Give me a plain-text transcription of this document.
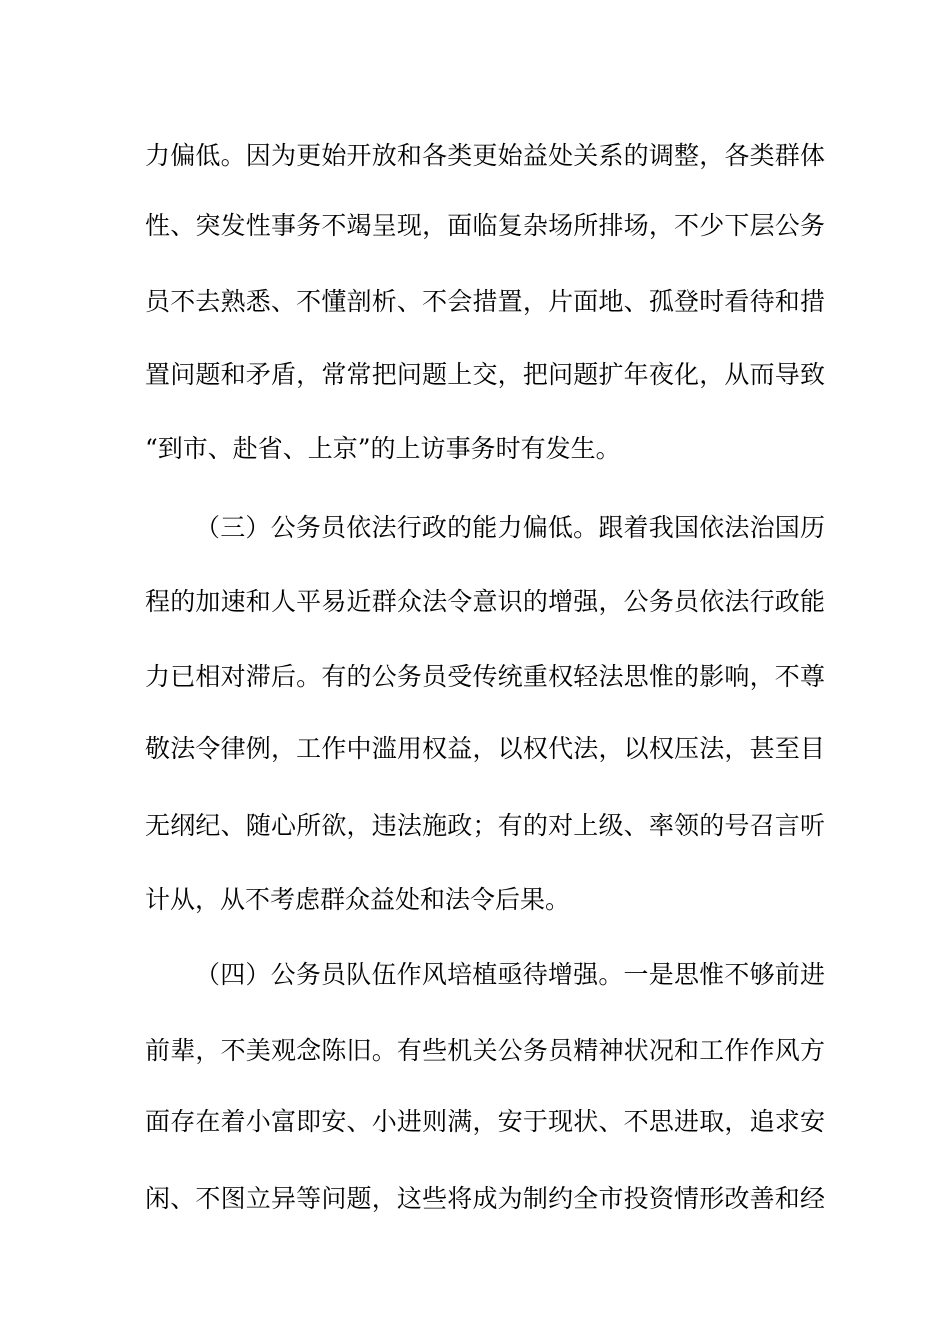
力偏低。因为更始开放和各类更始益处关系的调整，各类群体

性、突发性事务不竭呈现，面临复杂场所排场，不少下层公务

员不去熟悉、不懂剖析、不会措置，片面地、孤登时看待和措

置问题和矛盾，常常把问题上交，把问题扩年夜化，从而导致

“到市、赴省、上京”的上访事务时有发生。

（三）公务员依法行政的能力偏低。跟着我国依法治国历

程的加速和人平易近群众法令意识的增强，公务员依法行政能

力已相对滞后。有的公务员受传统重权轻法思惟的影响，不尊

敬法令律例，工作中滥用权益，以权代法，以权压法，甚至目

无纲纪、随心所欲，违法施政；有的对上级、率领的号召言听

计从，从不考虑群众益处和法令后果。

（四）公务员队伍作风培植亟待增强。一是思惟不够前进

前辈，不美观念陈旧。有些机关公务员精神状况和工作作风方

面存在着小富即安、小进则满，安于现状、不思进取，追求安

闲、不图立异等问题，这些将成为制约全市投资情形改善和经
